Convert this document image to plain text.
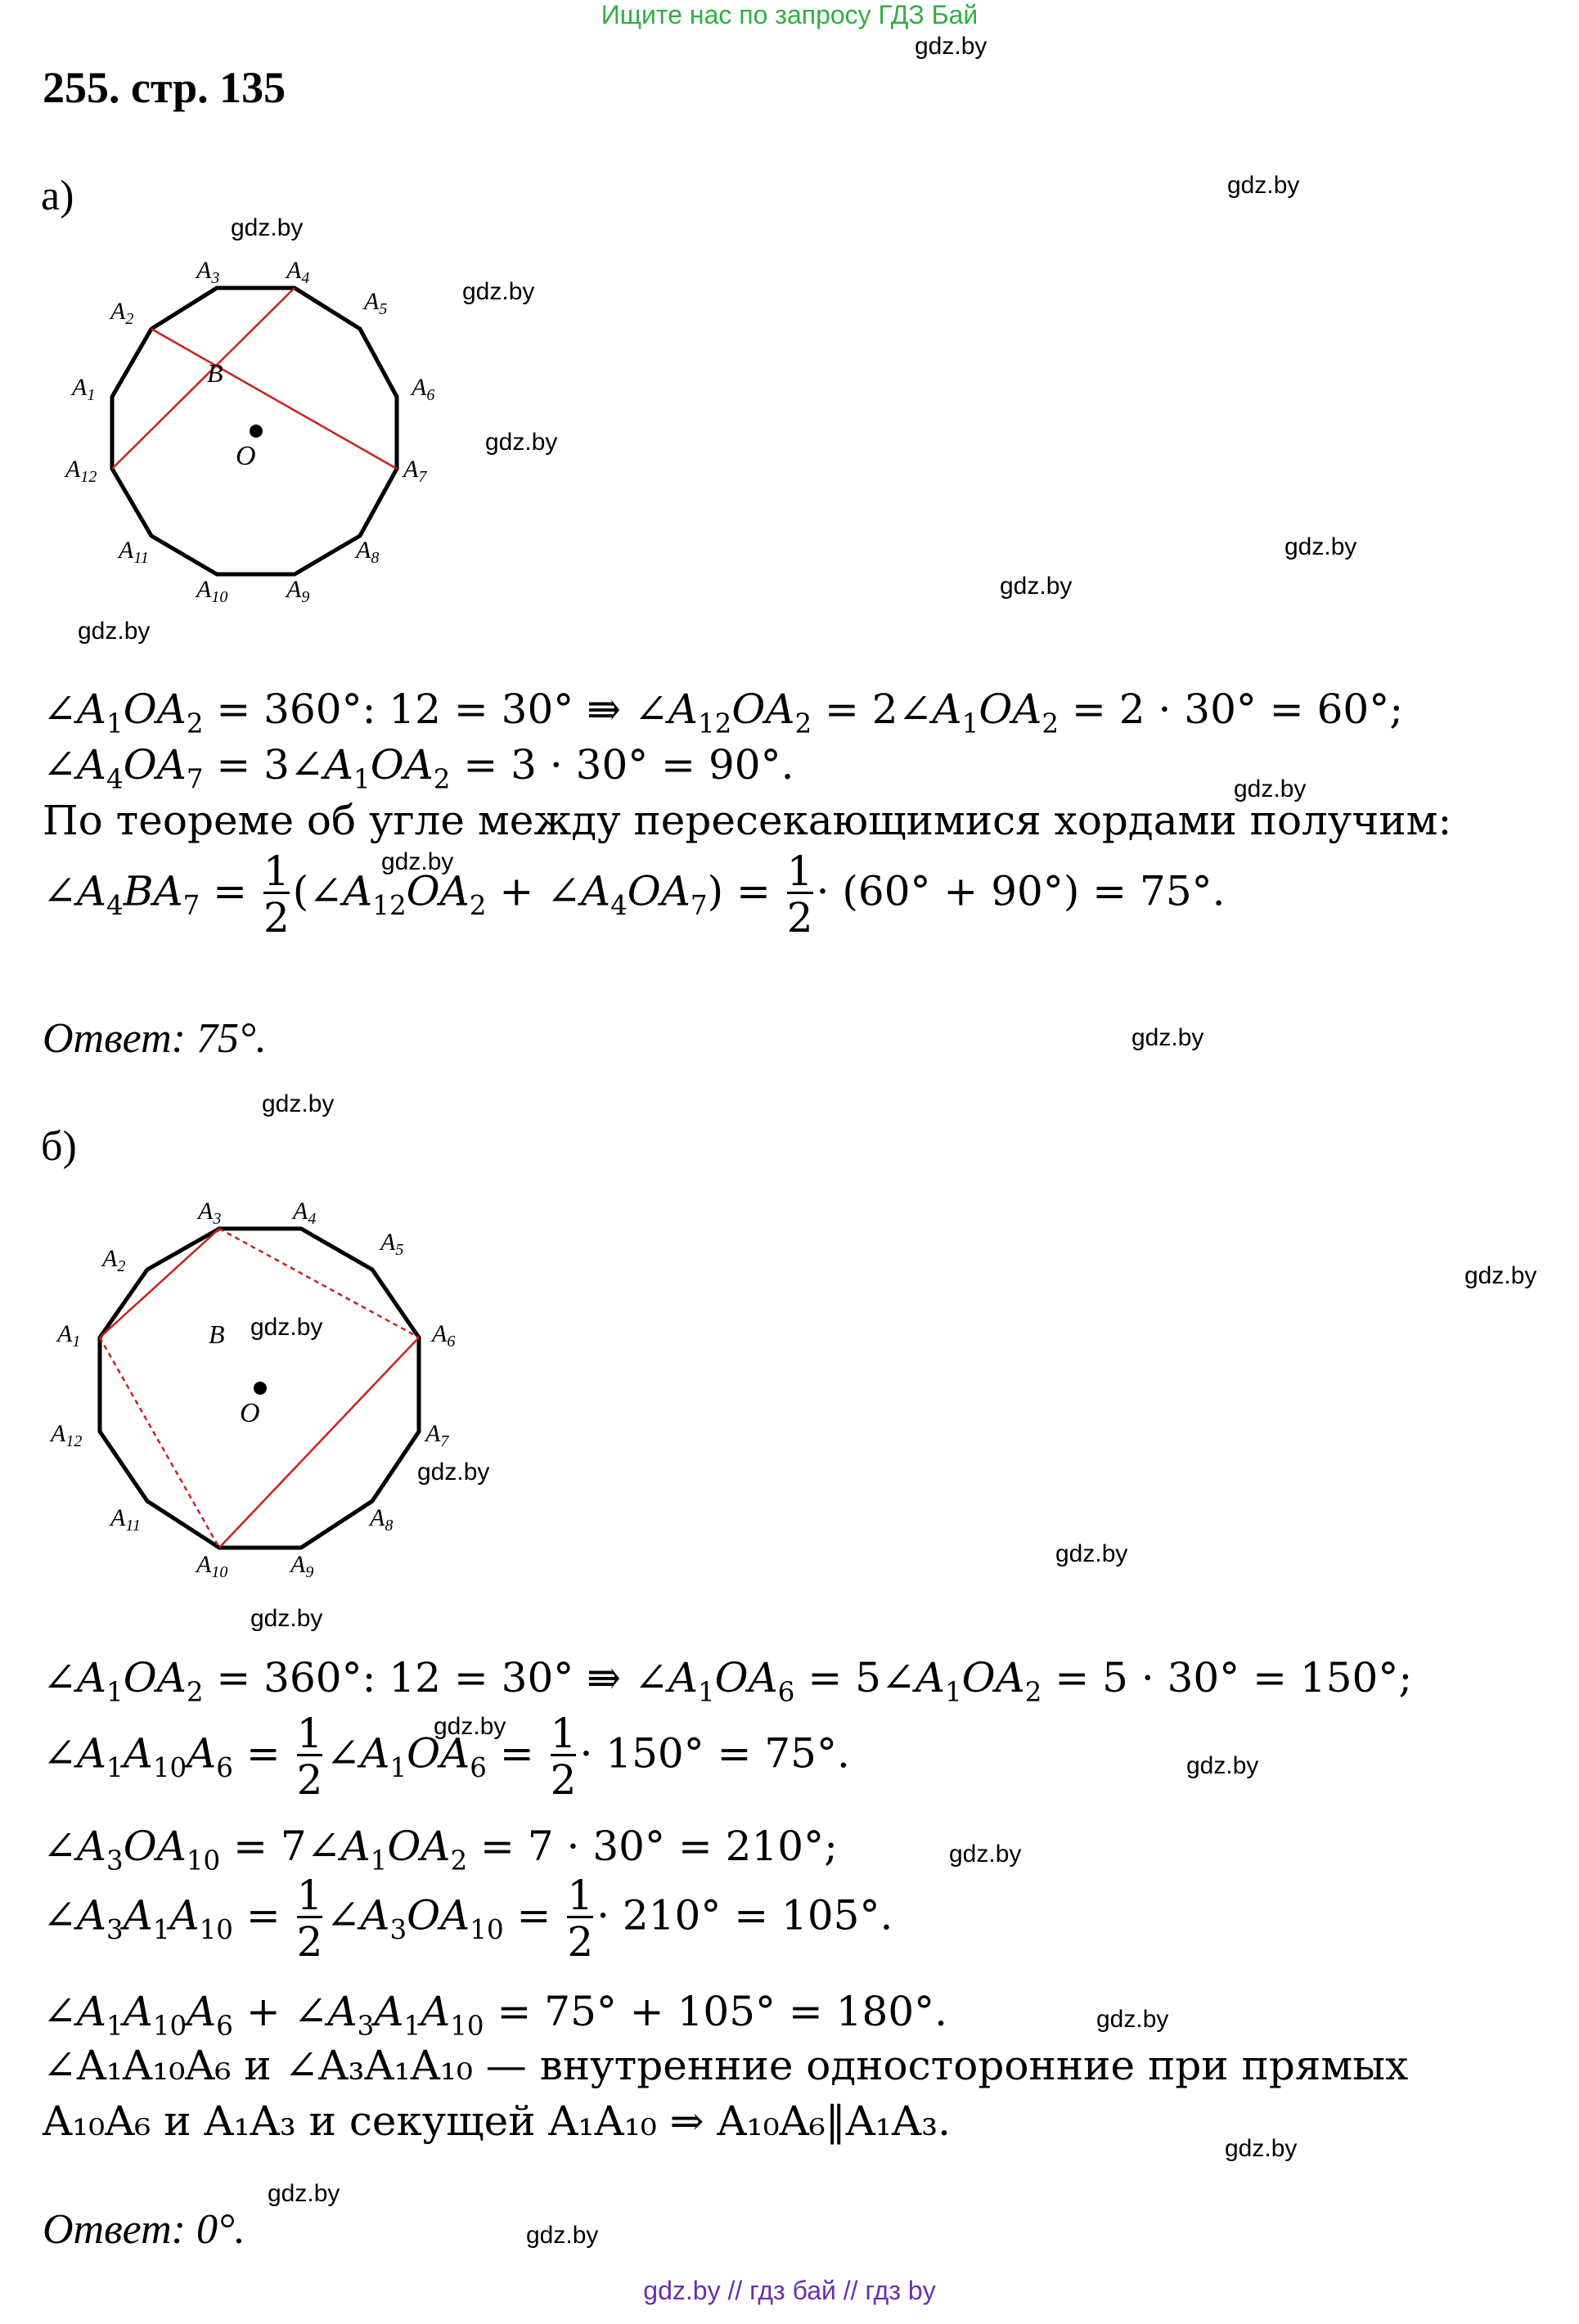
Ищите нас по запросу ГДЗ Бай
gdz.by
255. стр. 135
а)	gdz.by
gdz.by
gdz.by
gdz.by
gdz.by
gdz.by
gdz.by
O
B
$A_3$	$A_4$
$A_5$
$A_6$
$A_7$
$A_8$
$A_9$
$A_{10}$
$A_{11}$
$A_{12}$
$A_1$
$A_2$
$\angle A_1OA_2 = 360^\circ$: 12 = 30° ⇛ $\angle A_{12}OA_2$ = $2\angle A_1OA_2 = 2 \cdot 30^\circ = 60^\circ$;
$\angle A_4OA_7$ = $3\angle A_1OA_2 = 3 \cdot 30^\circ = 90^\circ$.
gdz.by
По теореме об угле между пересекающимися хордами получим:
gdz.by
$\angle A_4BA_7 = \frac{1}{2}$ ($\angle A_{12}OA_2$ + $\angle A_4OA_7) = \frac{1}{2} \cdot (60^\circ + 90^\circ) = 75^\circ$.
Ответ: 75°.	gdz.by
gdz.by
б)
gdz.by
O
B
$A_3$	$A_4$
$A_5$
$A_6$
$A_7$
$A_8$
$A_9$
$A_{10}$
$A_{11}$
$A_{12}$
$A_1$
$A_2$
gdz.by
gdz.by
gdz.by
gdz.by
$\angle A_1OA_2 = 360^\circ$: 12 = 30° ⇛ $\angle A_1OA_6$ = $5\angle A_1OA_2 = 5 \cdot 30^\circ = 150^\circ$;
gdz.by
$\angle A_1A_{10}A_6 = \frac{1}{2}$ $\angle A_1OA_6 = \frac{1}{2} \cdot 150^\circ = 75^\circ$.	gdz.by
$\angle A_3OA_{10}$ = $7\angle A_1OA_2 = 7 \cdot 30^\circ = 210^\circ$;	gdz.by
$\angle A_3A_1A_{10} = \frac{1}{2}$ $\angle A_3OA_{10} = \frac{1}{2} \cdot 210^\circ = 105^\circ$.
$\angle A_1A_{10}A_6$ + $\angle A_3A_1A_{10} = 75^\circ + 105^\circ = 180^\circ$.	gdz.by
∠A₁A₁₀A₆ и ∠A₃A₁A₁₀ — внутренние односторонние при прямых
A₁₀A₆ и A₁A₃ и секущей A₁A₁₀ ⇒ A₁₀A₆‖A₁A₃.
gdz.by
gdz.by
Ответ: 0°.	gdz.by
gdz.by // гдз бай // гдз by
